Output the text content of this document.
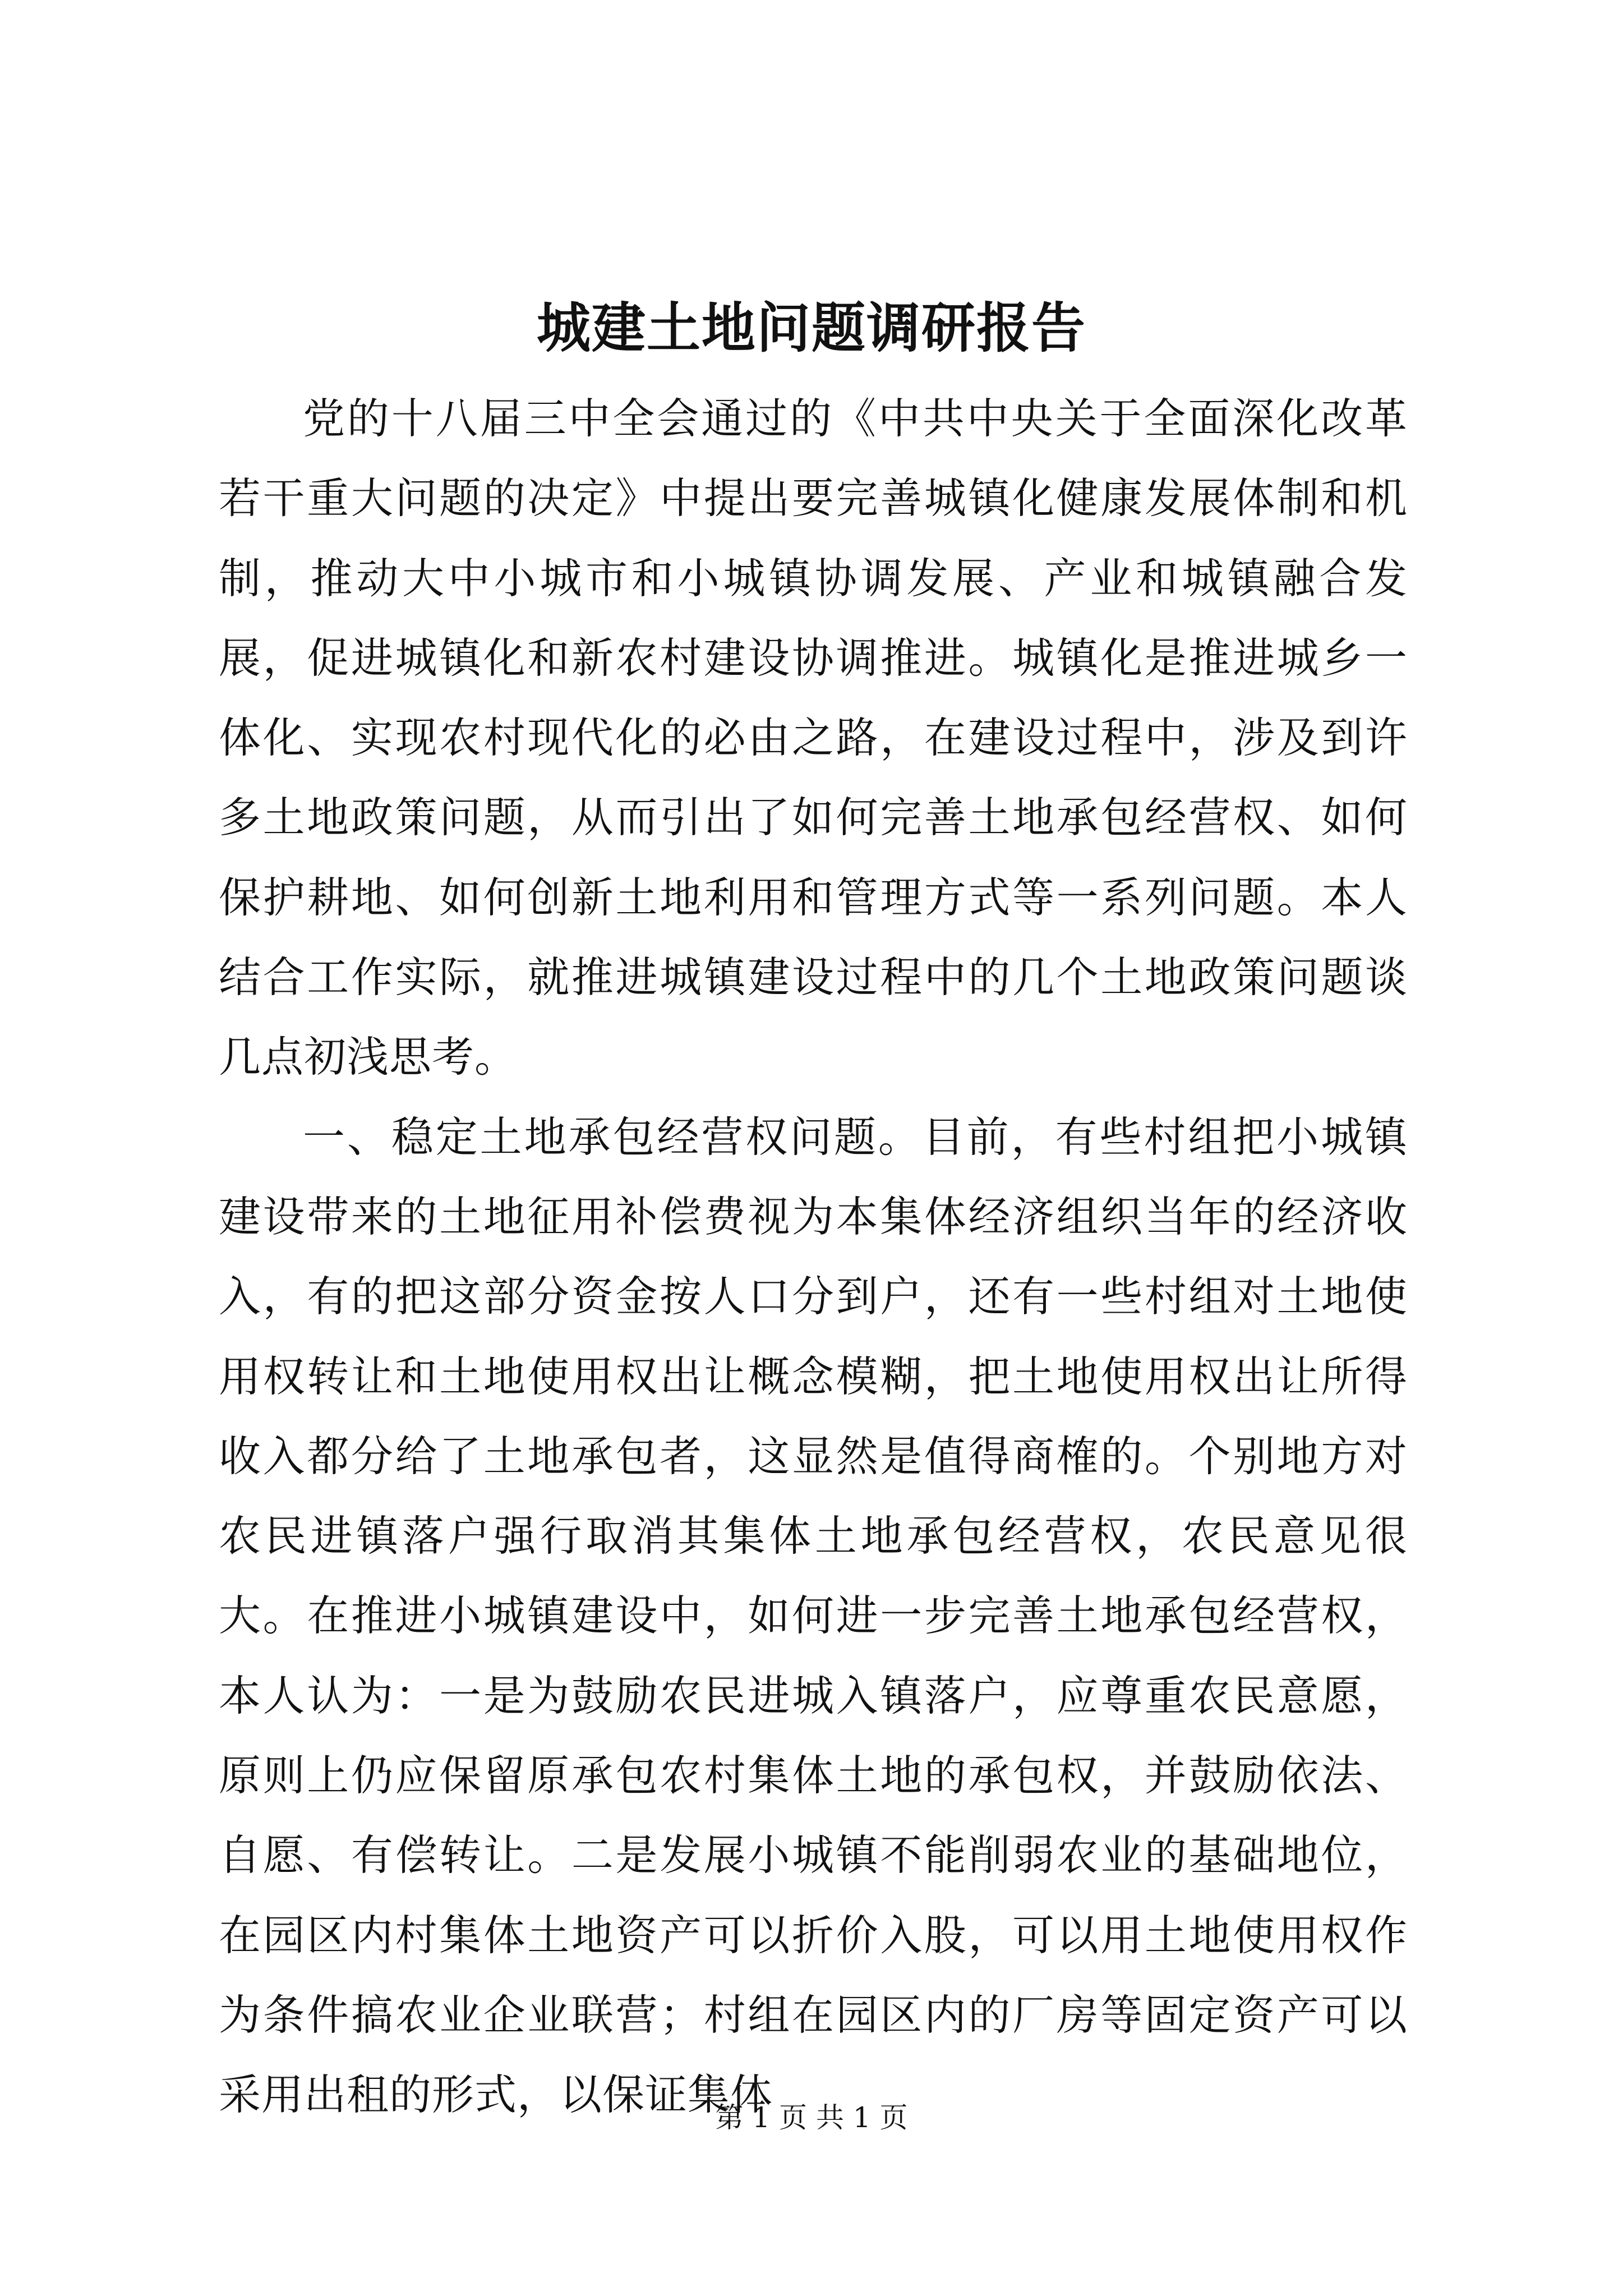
城建土地问题调研报告

党的十八届三中全会通过的《中共中央关于全面深化改革若干重大问题的决定》中提出要完善城镇化健康发展体制和机制，推动大中小城市和小城镇协调发展、产业和城镇融合发展，促进城镇化和新农村建设协调推进。城镇化是推进城乡一体化、实现农村现代化的必由之路，在建设过程中，涉及到许多土地政策问题，从而引出了如何完善土地承包经营权、如何保护耕地、如何创新土地利用和管理方式等一系列问题。本人结合工作实际，就推进城镇建设过程中的几个土地政策问题谈几点初浅思考。

一、稳定土地承包经营权问题。目前，有些村组把小城镇建设带来的土地征用补偿费视为本集体经济组织当年的经济收入，有的把这部分资金按人口分到户，还有一些村组对土地使用权转让和土地使用权出让概念模糊，把土地使用权出让所得收入都分给了土地承包者，这显然是值得商榷的。个别地方对农民进镇落户强行取消其集体土地承包经营权，农民意见很大。在推进小城镇建设中，如何进一步完善土地承包经营权，本人认为：一是为鼓励农民进城入镇落户，应尊重农民意愿，原则上仍应保留原承包农村集体土地的承包权，并鼓励依法、自愿、有偿转让。二是发展小城镇不能削弱农业的基础地位，在园区内村集体土地资产可以折价入股，可以用土地使用权作为条件搞农业企业联营；村组在园区内的厂房等固定资产可以采用出租的形式，以保证集体

第 1 页 共 1 页
